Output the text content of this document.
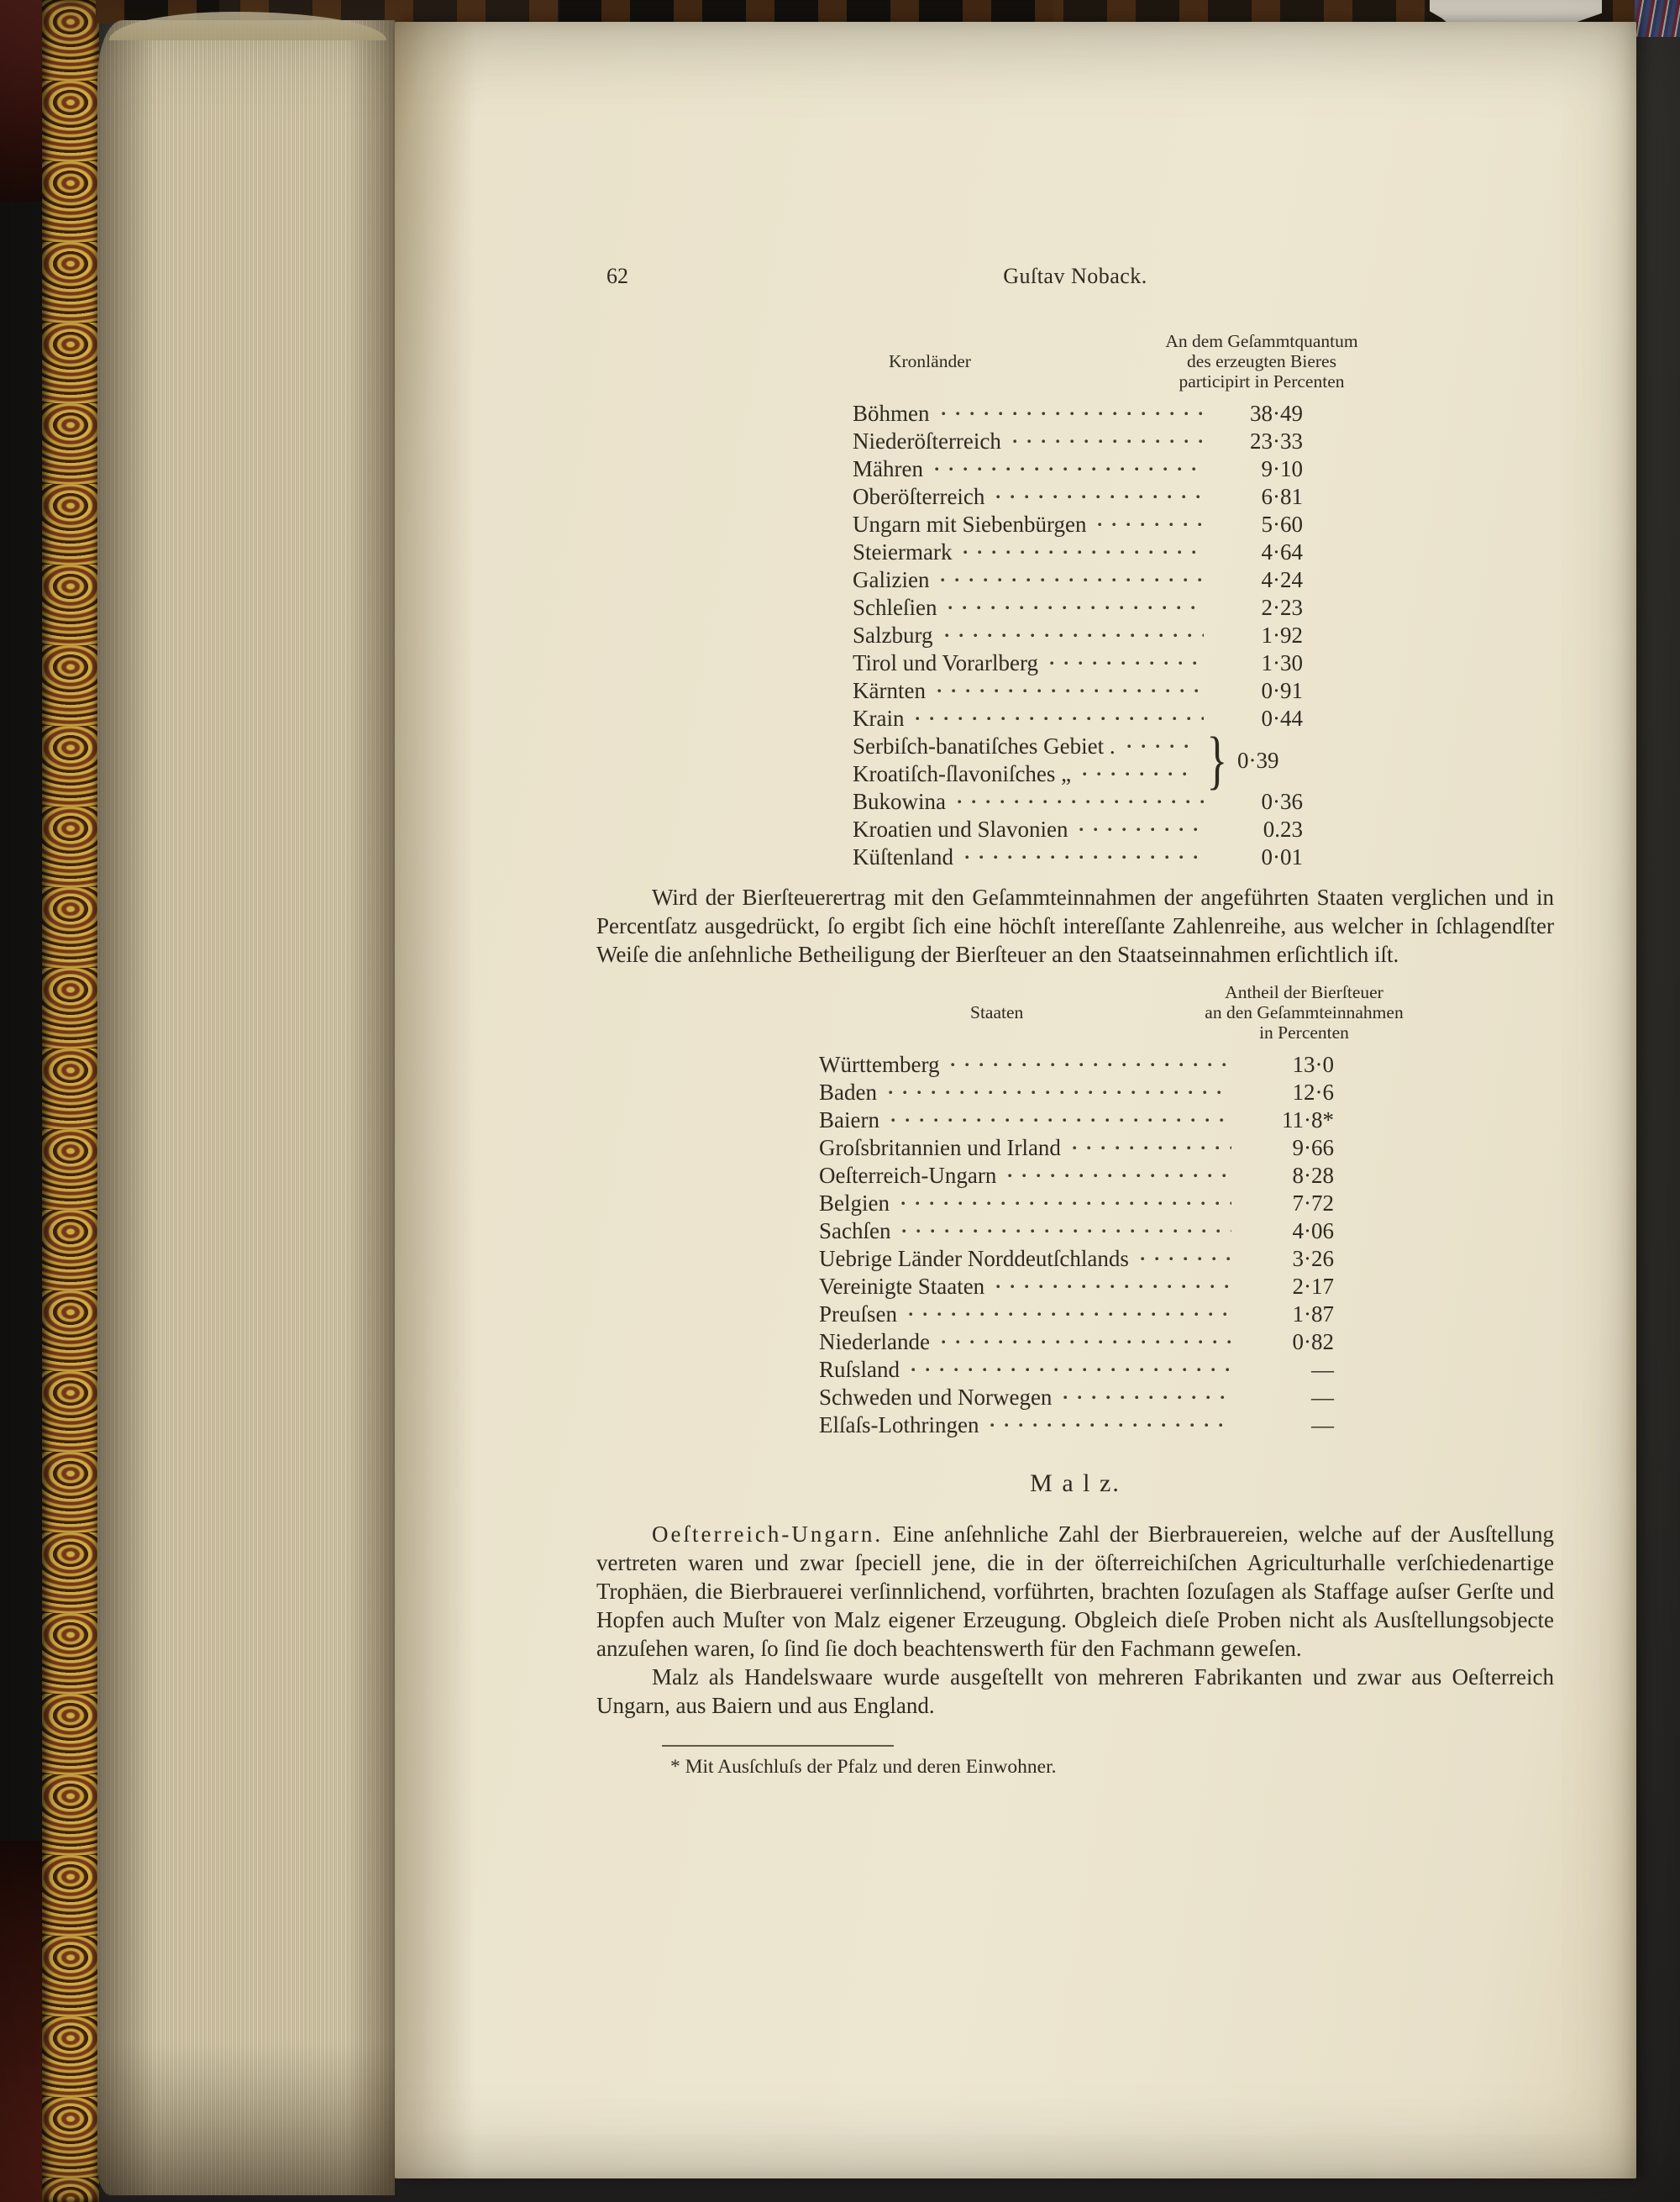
62	Guſtav Noback.
Kronländer
An dem Geſammtquantum
des erzeugten Bieres
participirt in Percenten
Böhmen	38·49
Niederöſterreich	23·33
Mähren	9·10
Oberöſterreich	6·81
Ungarn mit Siebenbürgen	5·60
Steiermark	4·64
Galizien	4·24
Schleſien	2·23
Salzburg	1·92
Tirol und Vorarlberg	1·30
Kärnten	0·91
Krain	0·44
Serbiſch-banatiſches Gebiet .
Kroatiſch-ſlavoniſches „ } 0·39
Bukowina	0·36
Kroatien und Slavonien	0.23
Küſtenland	0·01

Wird der Bierſteuerertrag mit den Geſammteinnahmen der angeführten Staaten verglichen und in Percentſatz ausgedrückt, ſo ergibt ſich eine höchſt intereſſante Zahlenreihe, aus welcher in ſchlagendſter Weiſe die anſehnliche Betheiligung der Bierſteuer an den Staatseinnahmen erſichtlich iſt.

Staaten
Antheil der Bierſteuer
an den Geſammteinnahmen
in Percenten
Württemberg	13·0
Baden	12·6
Baiern	11·8*
Groſsbritannien und Irland	9·66
Oeſterreich-Ungarn	8·28
Belgien	7·72
Sachſen	4·06
Uebrige Länder Norddeutſchlands	3·26
Vereinigte Staaten	2·17
Preuſsen	1·87
Niederlande	0·82
Ruſsland	—
Schweden und Norwegen	—
Elſaſs-Lothringen	—
M a l z.

Oeſterreich-Ungarn. Eine anſehnliche Zahl der Bierbrauereien, welche auf der Ausſtellung vertreten waren und zwar ſpeciell jene, die in der öſterreichiſchen Agriculturhalle verſchiedenartige Trophäen, die Bierbrauerei verſinnlichend, vorführten, brachten ſozuſagen als Staffage auſser Gerſte und Hopfen auch Muſter von Malz eigener Erzeugung. Obgleich dieſe Proben nicht als Ausſtellungsobjecte anzuſehen waren, ſo ſind ſie doch beachtenswerth für den Fachmann geweſen.

Malz als Handelswaare wurde ausgeſtellt von mehreren Fabrikanten und zwar aus Oeſterreich Ungarn, aus Baiern und aus England.

* Mit Ausſchluſs der Pfalz und deren Einwohner.
